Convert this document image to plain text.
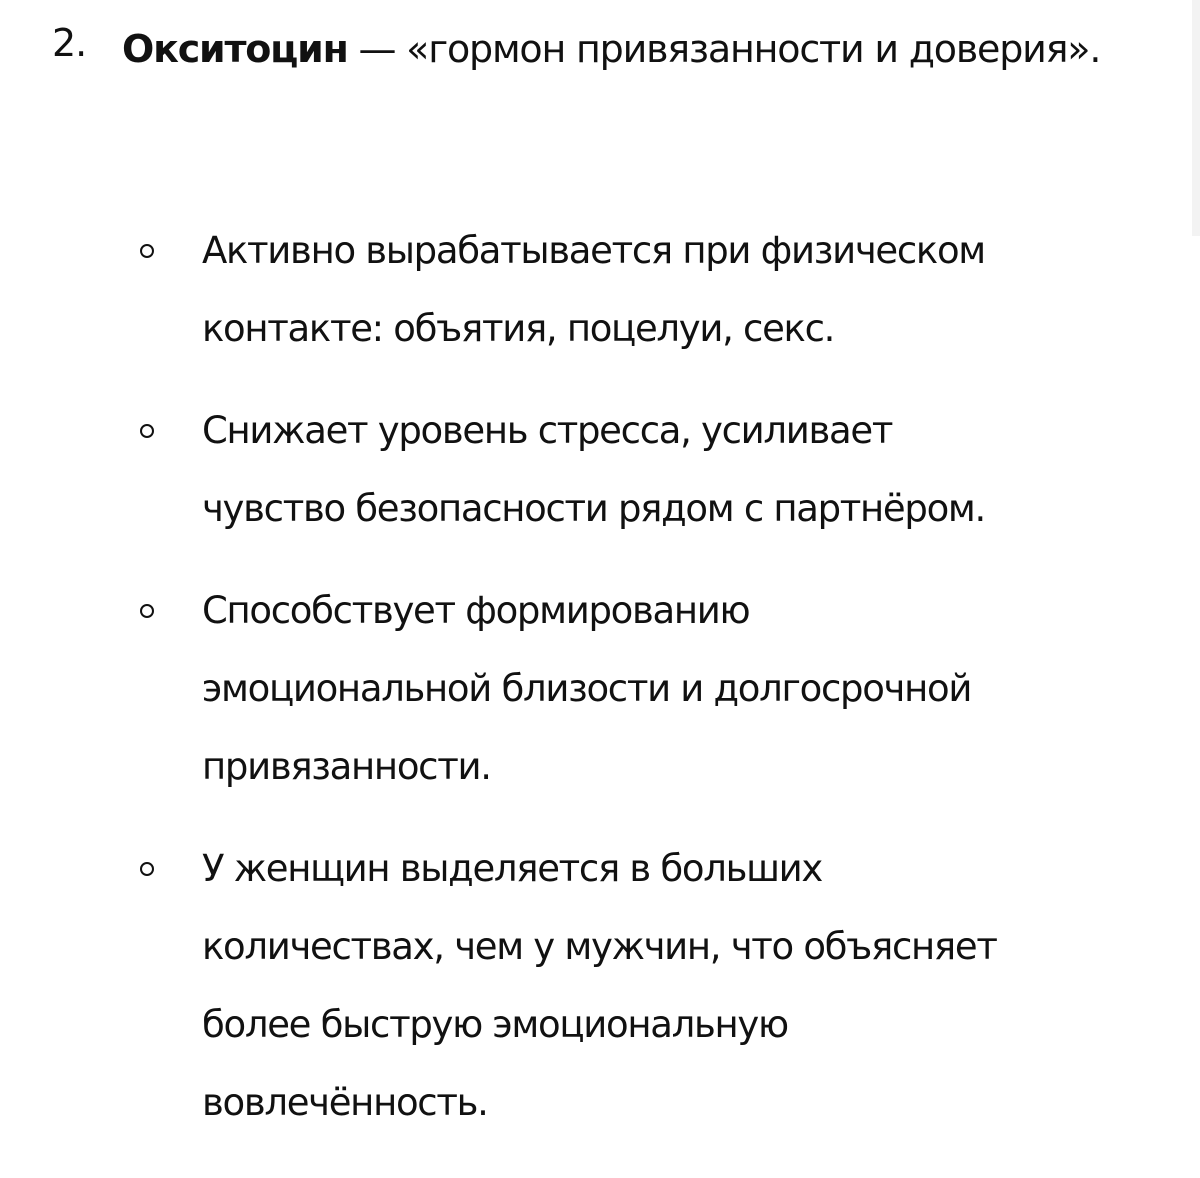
2. Окситоцин — «гормон привязанности и доверия».
Активно вырабатывается при физическом
контакте: объятия, поцелуи, секс.
Снижает уровень стресса, усиливает
чувство безопасности рядом с партнёром.
Способствует формированию
эмоциональной близости и долгосрочной
привязанности.
У женщин выделяется в больших
количествах, чем у мужчин, что объясняет
более быструю эмоциональную
вовлечённость.
